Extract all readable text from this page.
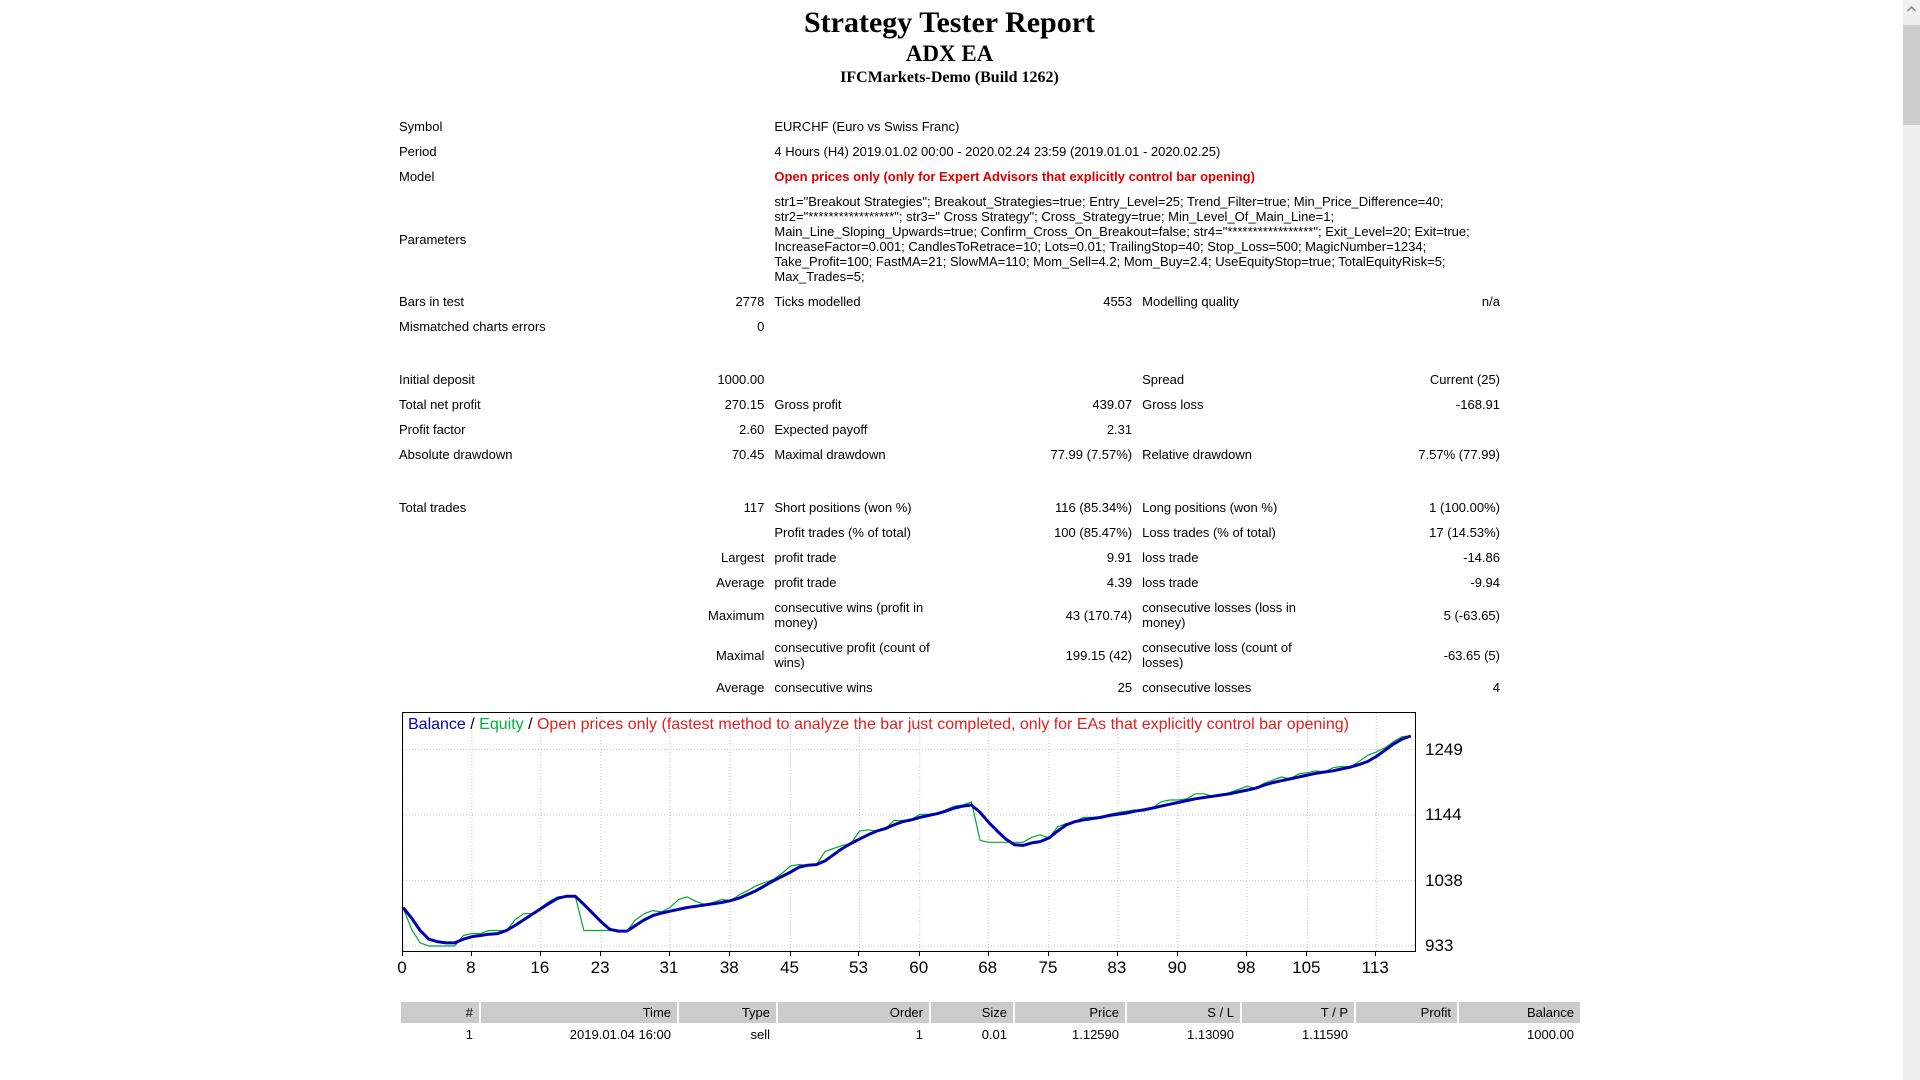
Strategy Tester Report
ADX EA
IFCMarkets-Demo (Build 1262)
Symbol		EURCHF (Euro vs Swiss Franc)			
Period		4 Hours (H4) 2019.01.02 00:00 - 2020.02.24 23:59 (2019.01.01 - 2020.02.25)			
Model		Open prices only (only for Expert Advisors that explicitly control bar opening)			
Parameters		str1="Breakout Strategies"; Breakout_Strategies=true; Entry_Level=25; Trend_Filter=true; Min_Price_Difference=40; str2="*****************"; str3=" Cross Strategy"; Cross_Strategy=true; Min_Level_Of_Main_Line=1; Main_Line_Sloping_Upwards=true; Confirm_Cross_On_Breakout=false; str4="*****************"; Exit_Level=20; Exit=true; IncreaseFactor=0.001; CandlesToRetrace=10; Lots=0.01; TrailingStop=40; Stop_Loss=500; MagicNumber=1234; Take_Profit=100; FastMA=21; SlowMA=110; Mom_Sell=4.2; Mom_Buy=2.4; UseEquityStop=true; TotalEquityRisk=5; Max_Trades=5;			
Bars in test	2778	Ticks modelled	4553	Modelling quality	n/a
Mismatched charts errors	0				

Initial deposit	1000.00			Spread	Current (25)
Total net profit	270.15	Gross profit	439.07	Gross loss	-168.91
Profit factor	2.60	Expected payoff	2.31		
Absolute drawdown	70.45	Maximal drawdown	77.99 (7.57%)	Relative drawdown	7.57% (77.99)

Total trades	117	Short positions (won %)	116 (85.34%)	Long positions (won %)	1 (100.00%)
		Profit trades (% of total)	100 (85.47%)	Loss trades (% of total)	17 (14.53%)
	Largest	profit trade	9.91	loss trade	-14.86
	Average	profit trade	4.39	loss trade	-9.94
	Maximum	consecutive wins (profit in money)	43 (170.74)	consecutive losses (loss in money)	5 (-63.65)
	Maximal	consecutive profit (count of wins)	199.15 (42)	consecutive loss (count of losses)	-63.65 (5)
	Average	consecutive wins	25	consecutive losses	4
Balance / Equity / Open prices only (fastest method to analyze the bar just completed, only for EAs that explicitly control bar opening)
1249
1144
1038
933
0	8	16 23	31 38 45	53 60	68 75	83 90	98 105 113
#	Time	Type	Order	Size	Price	S / L	T / P	Profit	Balance
1	2019.01.04 16:00	sell	1	0.01	1.12590	1.13090	1.11590		1000.00
